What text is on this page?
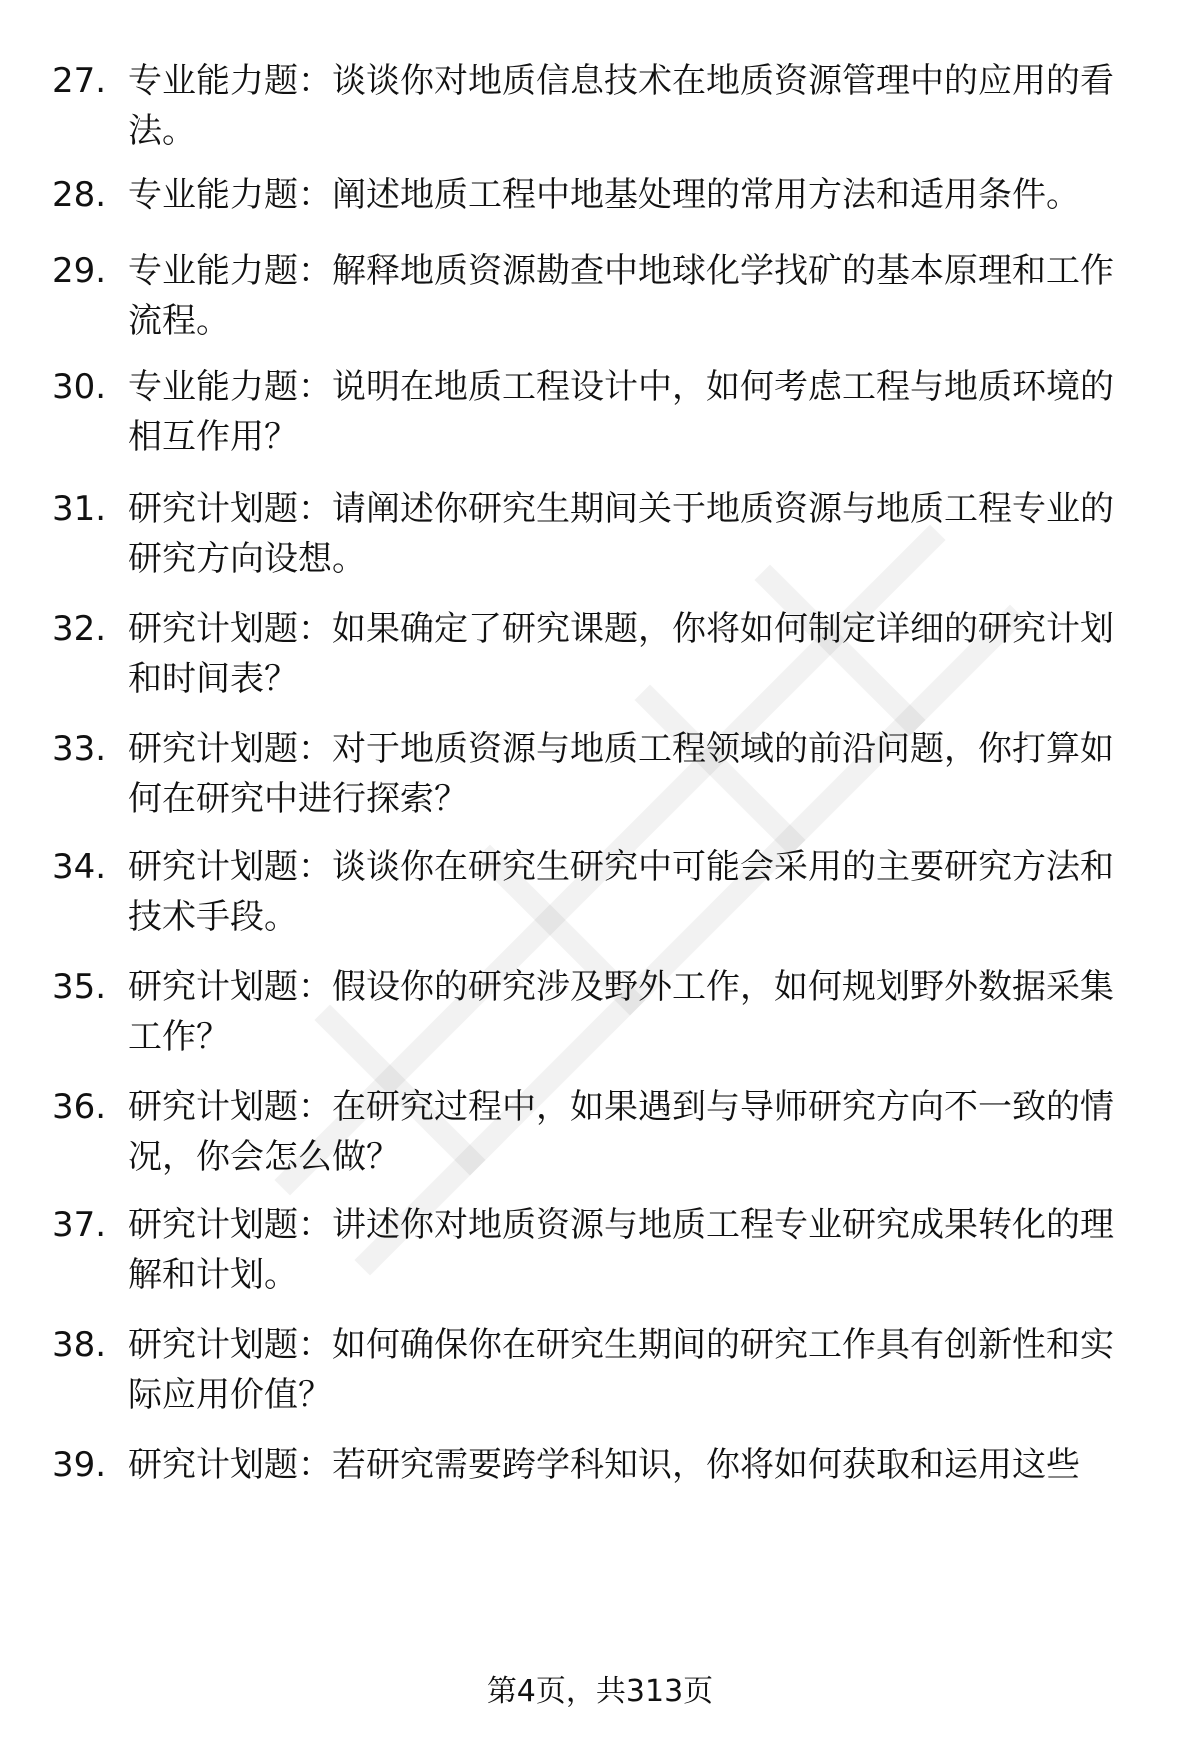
27. 专业能力题：谈谈你对地质信息技术在地质资源管理中的应用的看法。
28. 专业能力题：阐述地质工程中地基处理的常用方法和适用条件。
29. 专业能力题：解释地质资源勘查中地球化学找矿的基本原理和工作流程。
30. 专业能力题：说明在地质工程设计中，如何考虑工程与地质环境的相互作用？
31. 研究计划题：请阐述你研究生期间关于地质资源与地质工程专业的研究方向设想。
32. 研究计划题：如果确定了研究课题，你将如何制定详细的研究计划和时间表？
33. 研究计划题：对于地质资源与地质工程领域的前沿问题，你打算如何在研究中进行探索？
34. 研究计划题：谈谈你在研究生研究中可能会采用的主要研究方法和技术手段。
35. 研究计划题：假设你的研究涉及野外工作，如何规划野外数据采集工作？
36. 研究计划题：在研究过程中，如果遇到与导师研究方向不一致的情况，你会怎么做？
37. 研究计划题：讲述你对地质资源与地质工程专业研究成果转化的理解和计划。
38. 研究计划题：如何确保你在研究生期间的研究工作具有创新性和实际应用价值？
39. 研究计划题：若研究需要跨学科知识，你将如何获取和运用这些
第4页，共313页
